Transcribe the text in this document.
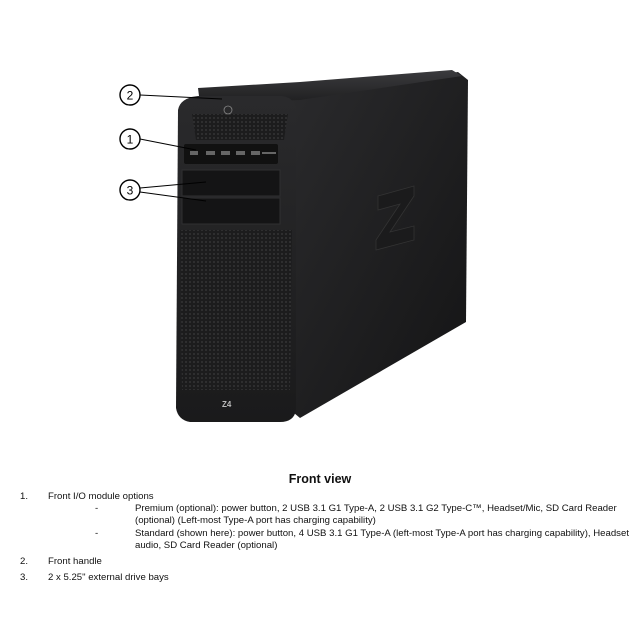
Z4
2
1
3
Front view
1.	Front I/O module options
-	Premium (optional): power button, 2 USB 3.1 G1 Type-A, 2 USB 3.1 G2 Type-C™, Headset/Mic, SD Card Reader (optional) (Left-most Type-A port has charging capability)
-	Standard (shown here): power button, 4 USB 3.1 G1 Type-A (left-most Type-A port has charging capability), Headset audio, SD Card Reader (optional)
2.	Front handle
3.	2 x 5.25" external drive bays
